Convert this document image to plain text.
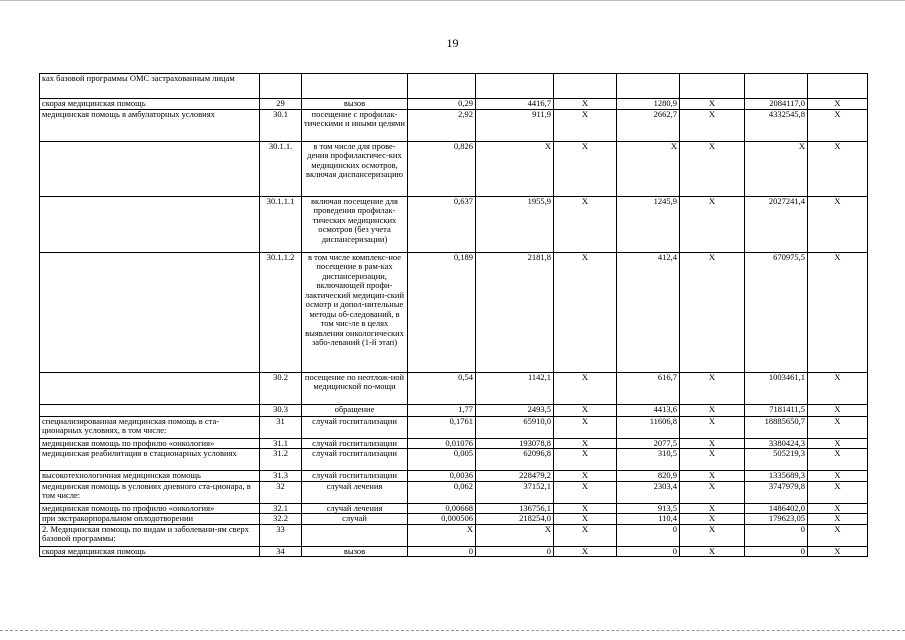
19
ках базовой программы ОМС застрахованным лицам									
скорая медицинская помощь	29	вызов	0,29	4416,7	X	1280,9	X	2084117,0	X
медицинская помощь в амбулаторных условиях	30.1	посещение с профилак-тическими и иными целями	2,92	911,9	X	2662,7	X	4332545,8	X
	30.1.1.	в том числе для прове-дения профилактичес-ких медицинских осмотров, включая диспансеризацию	0,826	X	X	X	X	X	X
	30.1.1.1	включая посещение для проведения профилак-тических медицинских осмотров (без учета диспансеризации)	0,637	1955,9	X	1245,9	X	2027241,4	X
	30.1.1.2	в том числе комплекс-ное посещение в рам-ках диспансеризации, включающей профи-лактический медицин-ский осмотр и допол-нительные методы об-следований, в том чис-ле в целях выявления онкологических забо-леваний (1-й этап)	0,189	2181,8	X	412,4	X	670975,5	X
	30.2	посещение по неотлож-ной медицинской по-мощи	0,54	1142,1	X	616,7	X	1003461,1	X
	30.3	обращение	1,77	2493,5	X	4413,6	X	7181411,5	X
специализированная медицинская помощь в ста-ционарных условиях, в том числе:	31	случай госпитализации	0,1761	65910,0	X	11606,8	X	18885650,7	X
медицинская помощь по профилю «онкология»	31.1	случай госпитализации	0,01076	193078,8	X	2077,5	X	3380424,3	X
медицинская реабилитация в стационарных условиях	31.2	случай госпитализации	0,005	62096,8	X	310,5	X	505219,3	X
высокотехнологичная медицинская помощь	31.3	случай госпитализации	0,0036	228479,2	X	820,9	X	1335689,3	X
медицинская помощь в условиях дневного ста-ционара, в том числе:	32	случай лечения	0,062	37152,1	X	2303,4	X	3747979,8	X
медицинская помощь по профилю «онкология»	32.1	случай лечения	0,00668	136756,1	X	913,5	X	1486402,0	X
при экстракорпоральном оплодотворении	32.2	случай	0,000506	218254,0	X	110,4	X	179623,05	X
2. Медицинская помощь по видам и заболевани-ям сверх базовой программы:	33		X	X	X	0	X	0	X
скорая медицинская помощь	34	вызов	0	0	X	0	X	0	X
